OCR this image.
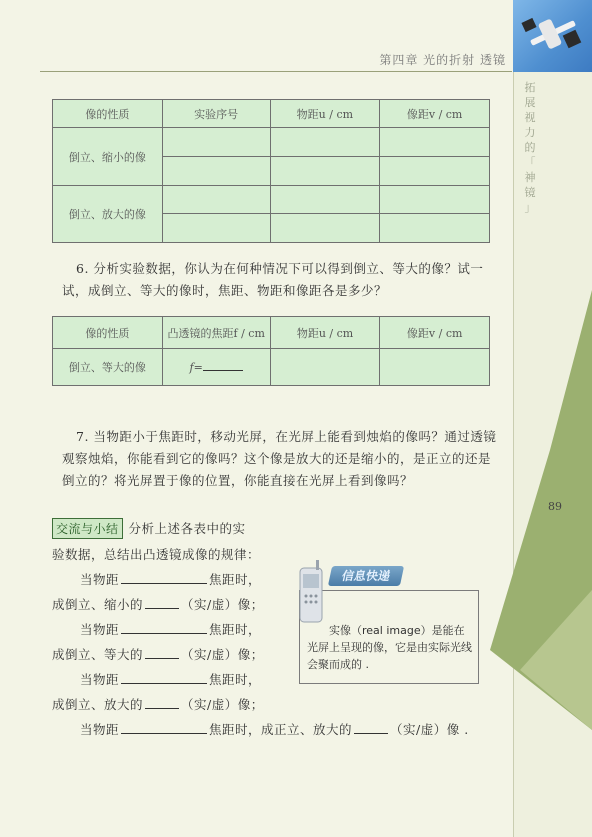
第四章 光的折射 透镜
拓
展
视
力
的
「
神
镜
」
89
像的性质	实验序号	物距u / cm	像距v / cm
倒立、缩小的像			

倒立、放大的像			

6. 分析实验数据，你认为在何种情况下可以得到倒立、等大的像？试一试，成倒立、等大的像时，焦距、物距和像距各是多少？
像的性质	凸透镜的焦距f / cm	物距u / cm	像距v / cm
倒立、等大的像	f=		
7. 当物距小于焦距时，移动光屏，在光屏上能看到烛焰的像吗？通过透镜观察烛焰，你能看到它的像吗？这个像是放大的还是缩小的，是正立的还是倒立的？将光屏置于像的位置，你能直接在光屏上看到像吗？
交流与小结 分析上述各表中的实
验数据，总结出凸透镜成像的规律：
当物距	焦距时，
成倒立、缩小的	（实/虚）像；
当物距	焦距时，
成倒立、等大的	（实/虚）像；
当物距	焦距时，
成倒立、放大的	（实/虚）像；
当物距	焦距时，成正立、放大的	（实/虚）像 .
信息快递
实像（real image）是能在光屏上呈现的像，它是由实际光线会聚而成的 .
